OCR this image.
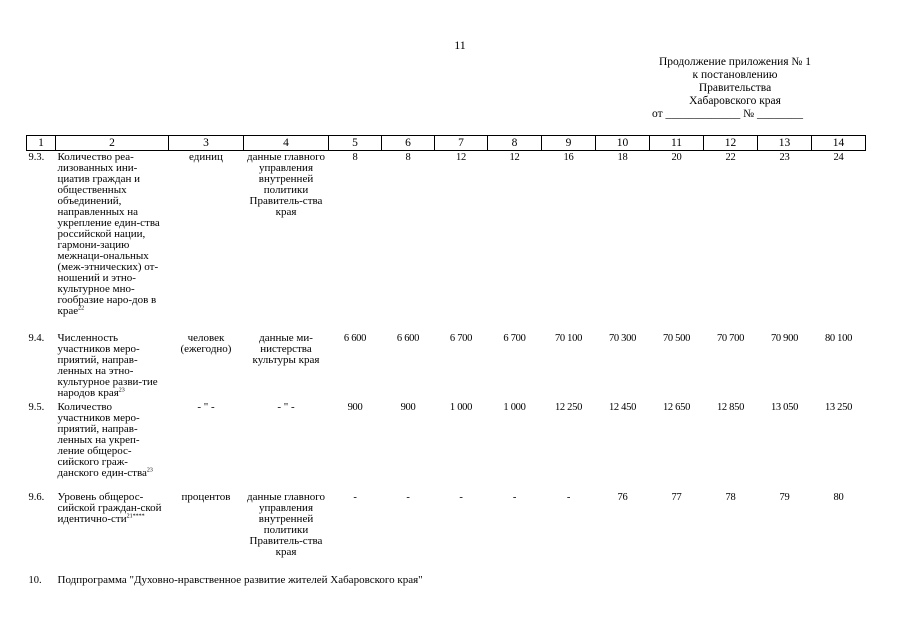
11
Продолжение приложения № 1
к постановлению
Правительства
Хабаровского края
от _____________ № ________
1	2	3	4	5	6	7	8	9	10	11	12	13	14
9.3.	Количество реа-лизованных ини-циатив граждан и общественных объединений, направленных на укрепление един-ства российской нации, гармони-зацию межнаци-ональных (меж-этнических) от-ношений и этно-культурное мно-гообразие наро-дов в крае$^{22}$	единиц	данные главного управления внутренней политики Правитель-ства края	8	8	12	12	16	18	20	22	23	24
9.4.	Численность участников меро-приятий, направ-ленных на этно-культурное разви-тие народов края$^{23}$	человек (ежегодно)	данные ми-нистерства культуры края	6 600	6 600	6 700	6 700	70 100	70 300	70 500	70 700	70 900	80 100
9.5.	Количество участников меро-приятий, направ-ленных на укреп-ление общерос-сийского граж-данского един-ства$^{23}$	- " -	- " -	900	900	1 000	1 000	12 250	12 450	12 650	12 850	13 050	13 250
9.6.	Уровень общерос-сийской граждан-ской идентичнo-сти$^{21****}$	процентов	данные главного управления внутренней политики Правитель-ства края	-	-	-	-	-	76	77	78	79	80
10.	Подпрограмма "Духовно-нравственное развитие жителей Хабаровского края"												
